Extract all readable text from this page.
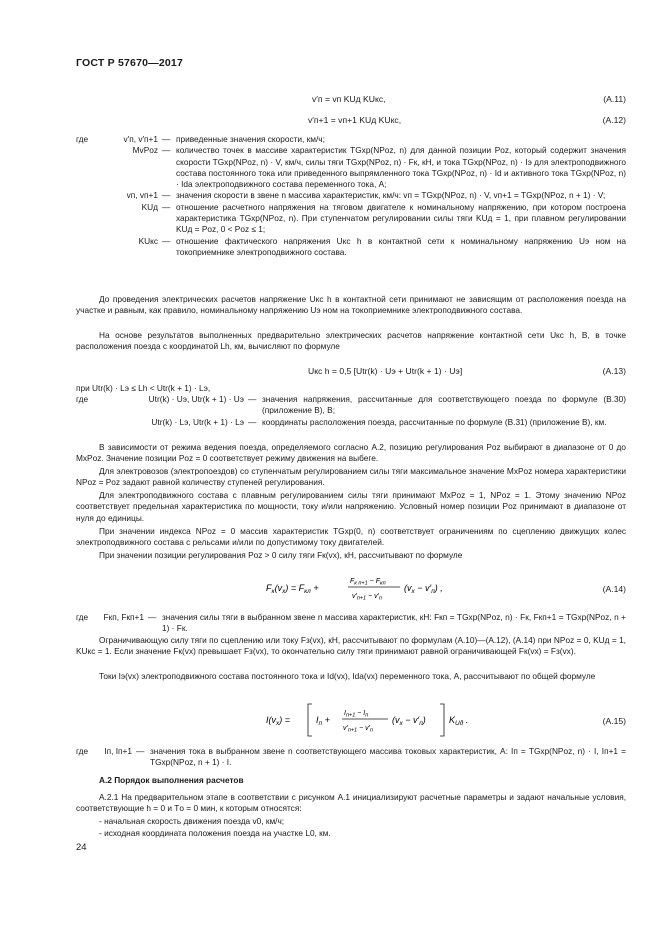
ГОСТ Р 57670—2017
v′п = vп KUд KUкс,	(А.11)
v′п+1 = vп+1 KUд KUкс,	(А.12)
где	v′п, v′п+1 — приведенные значения скорости, км/ч;
MvPoz — количество точек в массиве характеристик TGxp(NPoz, n) для данной позиции Poz, который содержит значения скорости TGxp(NPoz, n) · V, км/ч, силы тяги TGxp(NPoz, n) · Fк, кН, и тока TGxp(NPoz, n) · Iэ для электроподвижного состава постоянного тока или приведенного выпрямленного тока TGxp(NPoz, n) · Id и активного тока TGxp(NPoz, n) · Ida электроподвижного состава переменного тока, А;
vп, vп+1 — значения скорости в звене n массива характеристик, км/ч: vп = TGxp(NPoz, n) · V, vп+1 = TGxp(NPoz, n + 1) · V;
KUд — отношение расчетного напряжения на тяговом двигателе к номинальному напряжению, при котором построена характеристика TGxp(NPoz, n). При ступенчатом регулировании силы тяги KUд = 1, при плавном регулировании KUд = Poz, 0 < Poz ≤ 1;
KUкс — отношение фактического напряжения Uкс h в контактной сети к номинальному напряжению Uэ ном на токоприемнике электроподвижного состава.
До проведения электрических расчетов напряжение Uкс h в контактной сети принимают не зависящим от расположения поезда на участке и равным, как правило, номинальному напряжению Uэ ном на токоприемнике электроподвижного состава.
На основе результатов выполненных предварительно электрических расчетов напряжение контактной сети Uкс h, В, в точке расположения поезда с координатой Lh, км, вычисляют по формуле
Uкс h = 0,5 [Utr(k) · Uэ + Utr(k + 1) · Uэ]	(А.13)
при Utr(k) · Lэ ≤ Lh < Utr(k + 1) · Lэ,
где	Utr(k) · Uэ, Utr(k + 1) · Uэ — значения напряжения, рассчитанные для соответствующего поезда по формуле (В.30) (приложение В), В;
Utr(k) · Lэ, Utr(k + 1) · Lэ — координаты расположения поезда, рассчитанные по формуле (В.31) (приложение В), км.
В зависимости от режима ведения поезда, определяемого согласно А.2, позицию регулирования Poz выбирают в диапазоне от 0 до MxPoz. Значение позиции Poz = 0 соответствует режиму движения на выбеге.
Для электровозов (электропоездов) со ступенчатым регулированием силы тяги максимальное значение MxPoz номера характеристики NPoz = Poz задают равной количеству ступеней регулирования.
Для электроподвижного состава с плавным регулированием силы тяги принимают MxPoz = 1, NPoz = 1. Этому значению NPoz соответствует предельная характеристика по мощности, току и/или напряжению. Условный номер позиции Poz принимают в диапазоне от нуля до единицы.
При значении индекса NPoz = 0 массив характеристик TGxp(0, n) соответствует ограничениям по сцеплению движущих колес электроподвижного состава с рельсами и/или по допустимому току двигателей.
При значении позиции регулирования Poz > 0 силу тяги Fк(vx), кН, рассчитывают по формуле
$F_к(v_x) = F_{кл}$ +
$F_{к п+1} - F_{кп}$
$v'_{п+1} - v'_п$
$(v_x - v'_п)$ ,	(А.14)
где	Fкп, Fкп+1 — значения силы тяги в выбранном звене n массива характеристик, кН: Fкп = TGxp(NPoz, n) · Fк, Fкп+1 = TGxp(NPoz, n + 1) · Fк.
Ограничивающую силу тяги по сцеплению или току Fз(vx), кН, рассчитывают по формулам (А.10)—(А.12), (А.14) при NPoz = 0, KUд = 1, KUкс = 1. Если значение Fк(vx) превышает Fз(vx), то окончательно силу тяги принимают равной ограничивающей Fк(vx) = Fз(vx).
Токи Iэ(vx) электроподвижного состава постоянного тока и Id(vx), Ida(vx) переменного тока, А, рассчитывают по общей формуле
$I(v_x)$ =	$I_п$ +
$I_{п+1} - I_п$
$v'_{п+1} - v'_п$
$(v_x - v'_п)$	$K_{Uд}$ .	(А.15)
где	Iп, Iп+1 — значения тока в выбранном звене n соответствующего массива токовых характеристик, А: Iп = TGxp(NPoz, n) · I, Iп+1 = TGxp(NPoz, n + 1) · I.
А.2 Порядок выполнения расчетов
А.2.1 На предварительном этапе в соответствии с рисунком А.1 инициализируют расчетные параметры и задают начальные условия, соответствующие h = 0 и Tо = 0 мин, к которым относятся:
- начальная скорость движения поезда v0, км/ч;
- исходная координата положения поезда на участке L0, км.
24
